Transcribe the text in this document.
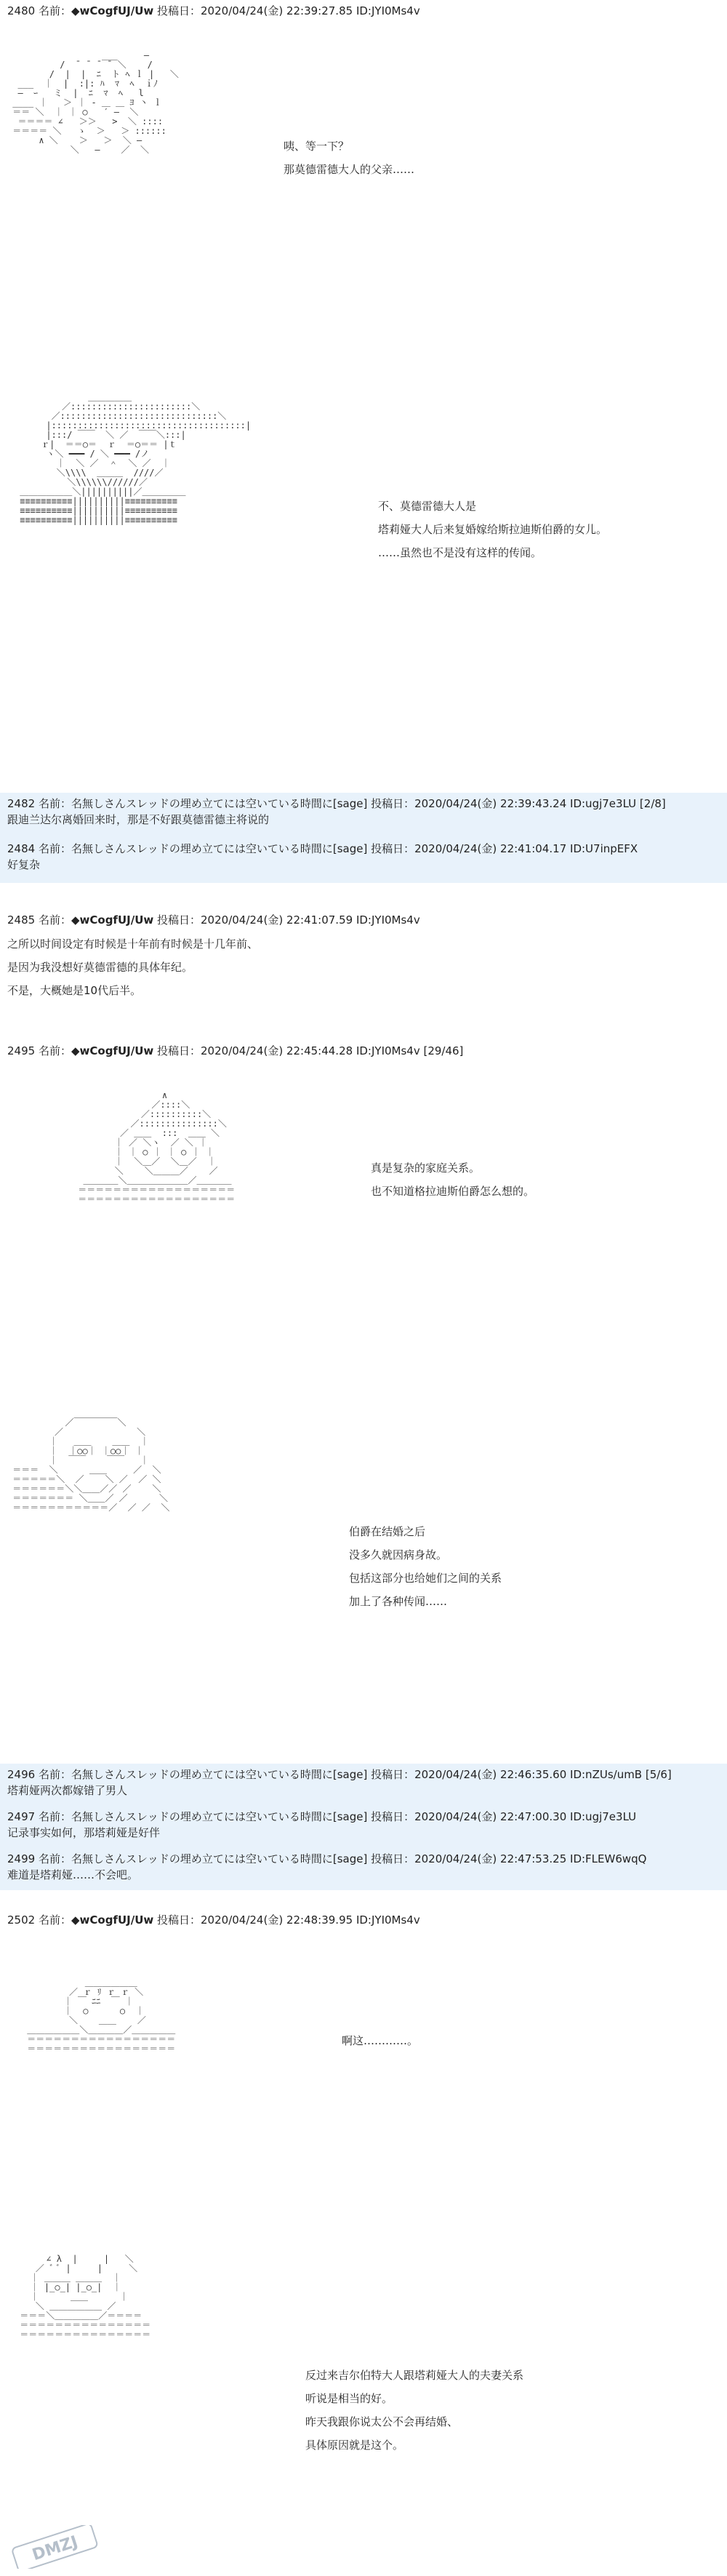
2480 名前：◆wCogfUJ/Uw 投稿日：2020/04/24(金) 22:39:27.85 ID:JYI0Ms4v
___     ―
/  ̄  ̄  ̄  ̄  ＼    /
/  |  |  ﾆ  ト ﾍ ｌ |   ＼
___  ｜  |  :|: ﾊ  ﾏ  ﾍ  ｉﾉ
―  ｰ   ミ  |  ﾆ  ﾏ  ﾍ   l
____ ｜   ＞ ｜ ‐ ＿ ＿ ﾖ 丶 ｌ
＝＝ ＼  ｜ ｜ ○   ′ ―  ＼
＝＝＝＝ ∠   ＞＞   >  ＼ ::::
＝＝＝＝ ＼   ゝ  ＞   ＞ ::::::
∧ ＼    ＞   ＞  ＼ ―
＼   ―    ／  ＼	咦、等一下？
那莫德雷德大人的父亲……
＿＿＿＿＿
／:::::::::::::::::::::::＼
／::::::::::::::::::::::::::::::＼
|:::::::::::::::::::::::::::::::::::::|
|:::/ ￣￣  ＼ ／  ￣￣＼:::|
ｒ|  ＝＝○＝  ｒ  ＝○＝＝ |ｔ
ヽ＼ ━━━ / ＼ ━━━ /ノ
｜  ＼ ／  ＾  ＼ ／  ｜
＼\\\\  ＿＿＿  ////／
＼\\\\\\//////／
＿＿＿＿＿＿＼||||||||||／＿＿＿＿＿
≡≡≡≡≡≡≡≡≡≡||||||||||≡≡≡≡≡≡≡≡≡≡
≡≡≡≡≡≡≡≡≡≡||||||||||≡≡≡≡≡≡≡≡≡≡
≡≡≡≡≡≡≡≡≡≡||||||||||≡≡≡≡≡≡≡≡≡≡
不、莫德雷德大人是
塔莉娅大人后来复婚嫁给斯拉迪斯伯爵的女儿。
……虽然也不是没有这样的传闻。
2482 名前：名無しさんスレッドの埋め立てには空いている時間に[sage] 投稿日：2020/04/24(金) 22:39:43.24 ID:ugj7e3LU [2/8]
跟迪兰达尔离婚回来时，那是不好跟莫德雷德主将说的
2484 名前：名無しさんスレッドの埋め立てには空いている時間に[sage] 投稿日：2020/04/24(金) 22:41:04.17 ID:U7inpEFX
好复杂
2485 名前：◆wCogfUJ/Uw 投稿日：2020/04/24(金) 22:41:07.59 ID:JYI0Ms4v
之所以时间设定有时候是十年前有时候是十几年前、
是因为我没想好莫德雷德的具体年纪。
不是，大概她是10代后半。
2495 名前：◆wCogfUJ/Uw 投稿日：2020/04/24(金) 22:45:44.28 ID:JYI0Ms4v [29/46]
∧
／::::＼
／::::::::::＼
／:::::::::::::::＼
／ ＿＿  :::  ＿＿ ＼
｜ ／ ＼ヽ  ／ ＼ ｜
｜ ｜ ○ ｜ ｜ ○ ｜ ｜
｜  ＼＿／  ＼＿／  ｜
＼    ＼＿＿＿／    ／
＿＿＿＿＼＿＿＿＿＿＿＿／＿＿＿＿
＝＝＝＝＝＝＝＝＝＝＝＝＝＝＝＝＝＝
＝＝＝＝＝＝＝＝＝＝＝＝＝＝＝＝＝＝
真是复杂的家庭关系。
也不知道格拉迪斯伯爵怎么想的。
／￣￣￣￣￣＼
／              ＼
｜   ＿＿    ＿＿  ｜
｜  ｜○○｜ ｜○○｜ ｜
｜  ￣￣    ￣￣   ｜
＝＝＝  ＼      ＿＿     ／  ＼
＝＝＝＝＝＼  ／    ＼ ／  ／ ＼
＝＝＝＝＝＝＼＼＿＿／／ ／    ＼
＝＝＝＝＝＝＝ ＼＿＿／ ／      ＼
＝＝＝＝＝＝＝＝＝＝＝／  ／ ／  ＼
伯爵在结婚之后
没多久就因病身故。
包括这部分也给她们之间的关系
加上了各种传闻……
2496 名前：名無しさんスレッドの埋め立てには空いている時間に[sage] 投稿日：2020/04/24(金) 22:46:35.60 ID:nZUs/umB [5/6]
塔莉娅两次都嫁错了男人
2497 名前：名無しさんスレッドの埋め立てには空いている時間に[sage] 投稿日：2020/04/24(金) 22:47:00.30 ID:ugj7e3LU
记录事实如何，那塔莉娅是好伴
2499 名前：名無しさんスレッドの埋め立てには空いている時間に[sage] 投稿日：2020/04/24(金) 22:47:53.25 ID:FLEW6wqQ
难道是塔莉娅……不会吧。
2502 名前：◆wCogfUJ/Uw 投稿日：2020/04/24(金) 22:48:39.95 ID:JYI0Ms4v
＿＿＿＿＿＿
／ ｒ ﾘ ｒ ｒ ＼
｜ ￣ ﾆﾆ  ￣ ｜
｜  ○      ○  ｜
＼    ＿＿    ／
＿＿＿＿＿＿＼＿＿＿＿／＿＿＿＿＿
＝＝＝＝＝＝＝＝＝＝＝＝＝＝＝＝＝
＝＝＝＝＝＝＝＝＝＝＝＝＝＝＝＝＝
啊这…………。
∠ λ  |     |   ＼
／ ﾞ ﾞ |     |     ＼
｜ ＿＿＿ ＿＿＿  ｜
｜ |_○_| |_○_|  ｜
｜      ＿＿      ｜
＼ ＿＿＿＿＿＿ ／
＝＝＝＼＿＿＿＿＿／＝＝＝＝
＝＝＝＝＝＝＝＝＝＝＝＝＝＝＝
＝＝＝＝＝＝＝＝＝＝＝＝＝＝＝
反过来吉尔伯特大人跟塔莉娅大人的夫妻关系
听说是相当的好。
昨天我跟你说太公不会再结婚、
具体原因就是这个。
DMZJ
